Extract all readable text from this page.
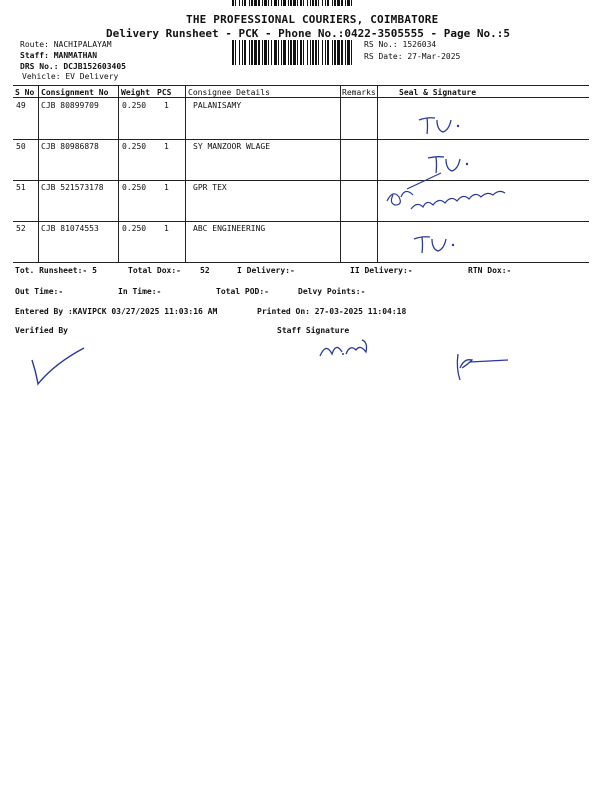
THE PROFESSIONAL COURIERS, COIMBATORE
Delivery Runsheet - PCK - Phone No.:0422-3505555 - Page No.:5
Route: NACHIPALAYAM
Staff: MANMATHAN
DRS No.: DCJB152603405
Vehicle: EV Delivery
RS No.: 1526034
RS Date: 27-Mar-2025
S No Consignment No Weight PCS Consignee Details	Remarks	Seal & Signature
49 CJB 80899709	0.250 1	PALANISAMY
50 CJB 80986878	0.250 1	SY MANZOOR WLAGE
51 CJB 521573178 0.250 1	GPR TEX
52 CJB 81074553	0.250 1	ABC ENGINEERING
Tot. Runsheet:- 5	Total Dox:- 52	I Delivery:-	II Delivery:-	RTN Dox:-
Out Time:-	In Time:-	Total POD:-	Delvy Points:-
Entered By :KAVIPCK 03/27/2025 11:03:16 AM	Printed On: 27-03-2025 11:04:18
Verified By	Staff Signature
